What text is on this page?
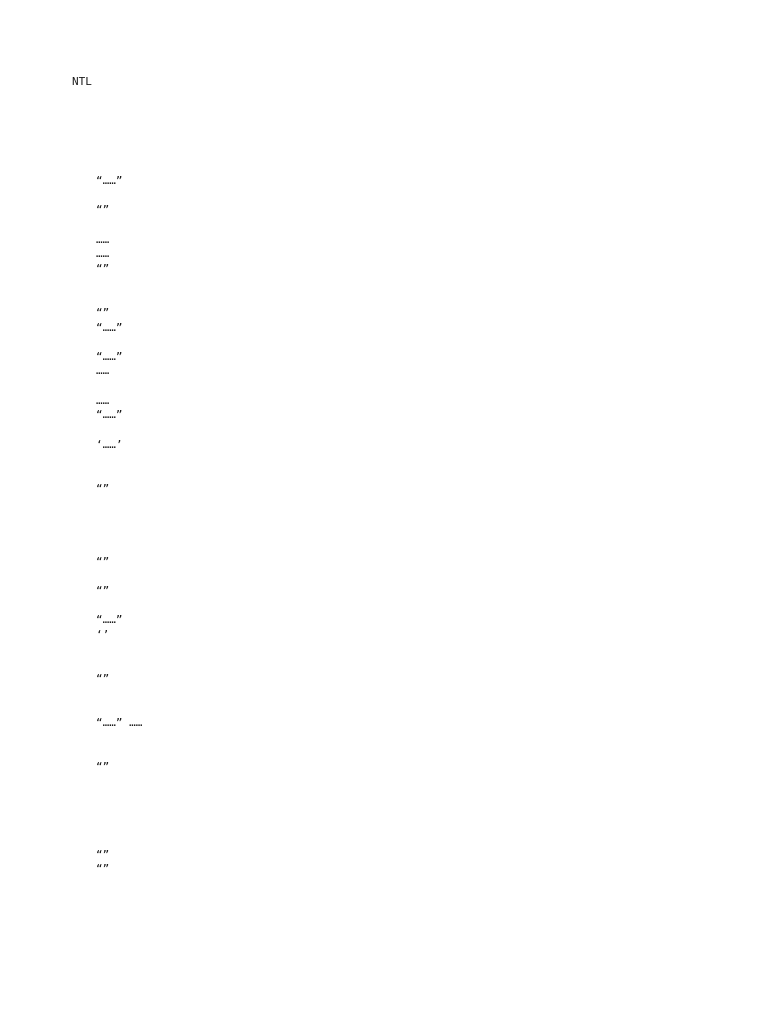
NTL
“……”
“”
……
……
“”
“”
“……”
“……”
……
……
“……”
‘……’
“”
“”
“”
“……”
‘’
“”
“……” ……
“”
“”
“”
